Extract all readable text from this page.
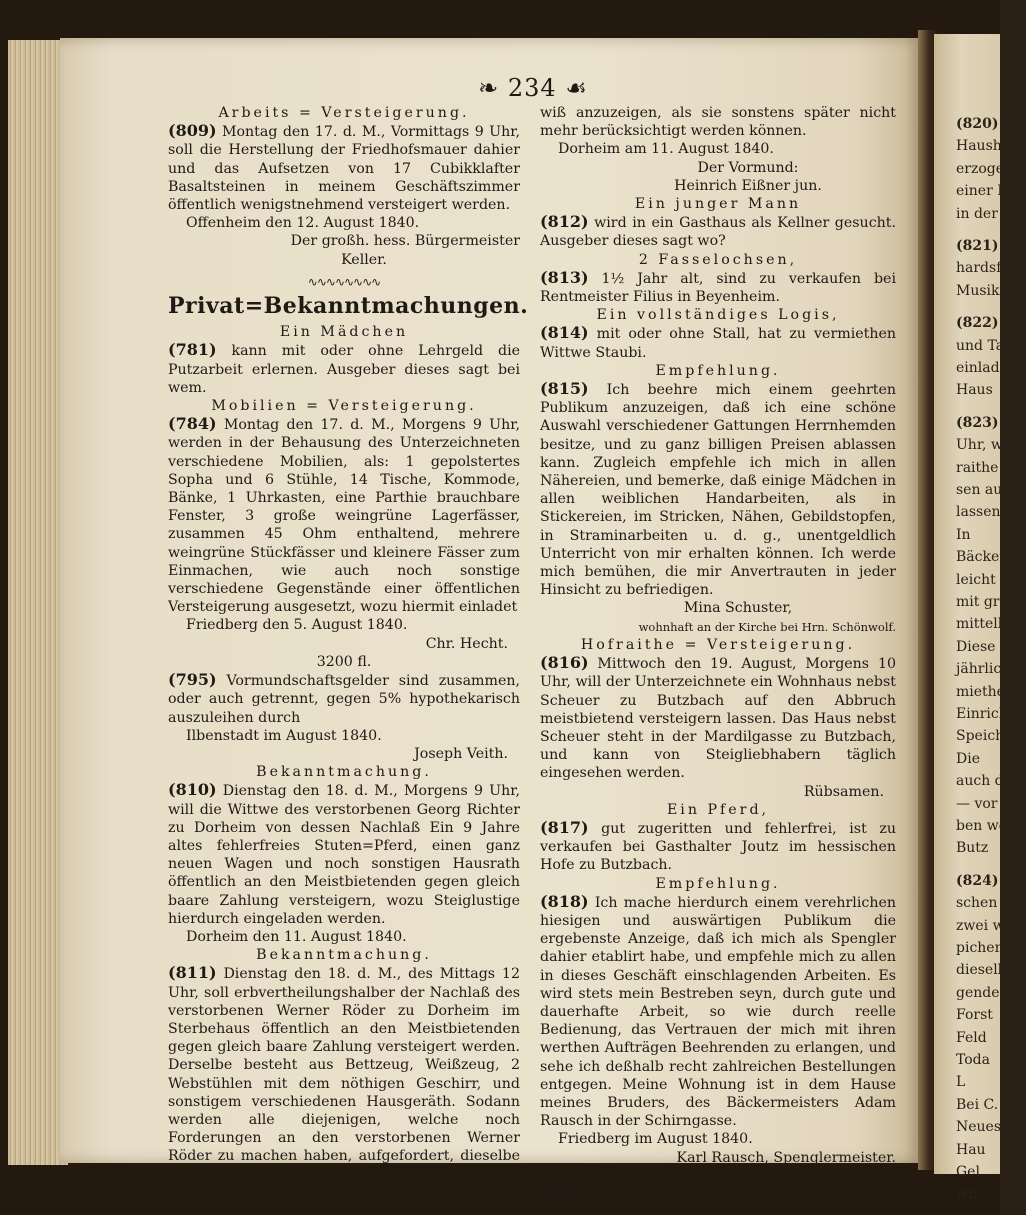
(820)
Haushal
erzogene
einer La
in der G
(821)
hardsfor
Musik a
(822)
und Tanz
einladet.
Haus
(823)
Uhr, wir
raithe ne
sen auf
lassen.
In
Bäckerei
leicht zu
mit große
mittelbar
Diese Ge
jährliche
miethet i
Einrichtu
Speicher
Die
auch die
— vor
ben wer
Butz
(824)
schen H
zwei w
pichen
dieselbe
gende F
Forst
Feld
Toda
L
Bei C.
Neues
Hau
Gel
wir
❧ 234 ☙

Arbeits = Versteigerung.

(809) Montag den 17. d. M., Vormittags 9 Uhr, soll die Herstellung der Friedhofsmauer dahier und das Aufsetzen von 17 Cubikklafter Basaltsteinen in meinem Geschäftszimmer öffentlich wenigstnehmend versteigert werden.

Offenheim den 12. August 1840.

Der großh. hess. Bürgermeister

Keller.

∿∿∿∿∿∿∿∿

Privat=Bekanntmachungen.

Ein Mädchen

(781) kann mit oder ohne Lehrgeld die Putzarbeit erlernen. Ausgeber dieses sagt bei wem.

Mobilien = Versteigerung.

(784) Montag den 17. d. M., Morgens 9 Uhr, werden in der Behausung des Unterzeichneten verschiedene Mobilien, als: 1 gepolstertes Sopha und 6 Stühle, 14 Tische, Kommode, Bänke, 1 Uhrkasten, eine Parthie brauchbare Fenster, 3 große weingrüne Lagerfässer, zusammen 45 Ohm enthaltend, mehrere weingrüne Stückfässer und kleinere Fässer zum Einmachen, wie auch noch sonstige verschiedene Gegenstände einer öffentlichen Versteigerung ausgesetzt, wozu hiermit einladet

Friedberg den 5. August 1840.

Chr. Hecht.

3200 fl.

(795) Vormundschaftsgelder sind zusammen, oder auch getrennt, gegen 5% hypothekarisch auszuleihen durch

Ilbenstadt im August 1840.

Joseph Veith.

Bekanntmachung.

(810) Dienstag den 18. d. M., Morgens 9 Uhr, will die Wittwe des verstorbenen Georg Richter zu Dorheim von dessen Nachlaß Ein 9 Jahre altes fehlerfreies Stuten=Pferd, einen ganz neuen Wagen und noch sonstigen Hausrath öffentlich an den Meistbietenden gegen gleich baare Zahlung versteigern, wozu Steiglustige hierdurch eingeladen werden.

Dorheim den 11. August 1840.

Bekanntmachung.

(811) Dienstag den 18. d. M., des Mittags 12 Uhr, soll erbvertheilungshalber der Nachlaß des verstorbenen Werner Röder zu Dorheim im Sterbehaus öffentlich an den Meistbietenden gegen gleich baare Zahlung versteigert werden. Derselbe besteht aus Bettzeug, Weißzeug, 2 Webstühlen mit dem nöthigen Geschirr, und sonstigem verschiedenen Hausgeräth. Sodann werden alle diejenigen, welche noch Forderungen an den verstorbenen Werner Röder zu machen haben, aufgefordert, dieselbe binnen 14 Tagen bei dem Vormund Heinrich Eißner dahier soge=

wiß anzuzeigen, als sie sonstens später nicht mehr berücksichtigt werden können.

Dorheim am 11. August 1840.

Der Vormund:

Heinrich Eißner jun.

Ein junger Mann

(812) wird in ein Gasthaus als Kellner gesucht. Ausgeber dieses sagt wo?

2 Fasselochsen,

(813) 1½ Jahr alt, sind zu verkaufen bei Rentmeister Filius in Beyenheim.

Ein vollständiges Logis,

(814) mit oder ohne Stall, hat zu vermiethen Wittwe Staubi.

Empfehlung.

(815) Ich beehre mich einem geehrten Publikum anzuzeigen, daß ich eine schöne Auswahl verschiedener Gattungen Herrnhemden besitze, und zu ganz billigen Preisen ablassen kann. Zugleich empfehle ich mich in allen Nähereien, und bemerke, daß einige Mädchen in allen weiblichen Handarbeiten, als in Stickereien, im Stricken, Nähen, Gebildstopfen, in Straminarbeiten u. d. g., unentgeldlich Unterricht von mir erhalten können. Ich werde mich bemühen, die mir Anvertrauten in jeder Hinsicht zu befriedigen.

Mina Schuster,

wohnhaft an der Kirche bei Hrn. Schönwolf.

Hofraithe = Versteigerung.

(816) Mittwoch den 19. August, Morgens 10 Uhr, will der Unterzeichnete ein Wohnhaus nebst Scheuer zu Butzbach auf den Abbruch meistbietend versteigern lassen. Das Haus nebst Scheuer steht in der Mardilgasse zu Butzbach, und kann von Steigliebhabern täglich eingesehen werden.

Rübsamen.

Ein Pferd,

(817) gut zugeritten und fehlerfrei, ist zu verkaufen bei Gasthalter Joutz im hessischen Hofe zu Butzbach.

Empfehlung.

(818) Ich mache hierdurch einem verehrlichen hiesigen und auswärtigen Publikum die ergebenste Anzeige, daß ich mich als Spengler dahier etablirt habe, und empfehle mich zu allen in dieses Geschäft einschlagenden Arbeiten. Es wird stets mein Bestreben seyn, durch gute und dauerhafte Arbeit, so wie durch reelle Bedienung, das Vertrauen der mich mit ihren werthen Aufträgen Beehrenden zu erlangen, und sehe ich deßhalb recht zahlreichen Bestellungen entgegen. Meine Wohnung ist in dem Hause meines Bruders, des Bäckermeisters Adam Rausch in der Schirngasse.

Friedberg im August 1840.

Karl Rausch, Spenglermeister.

Einen Keller

(819) hat zu vermiethen Casp. Hofmanns Wtw.
